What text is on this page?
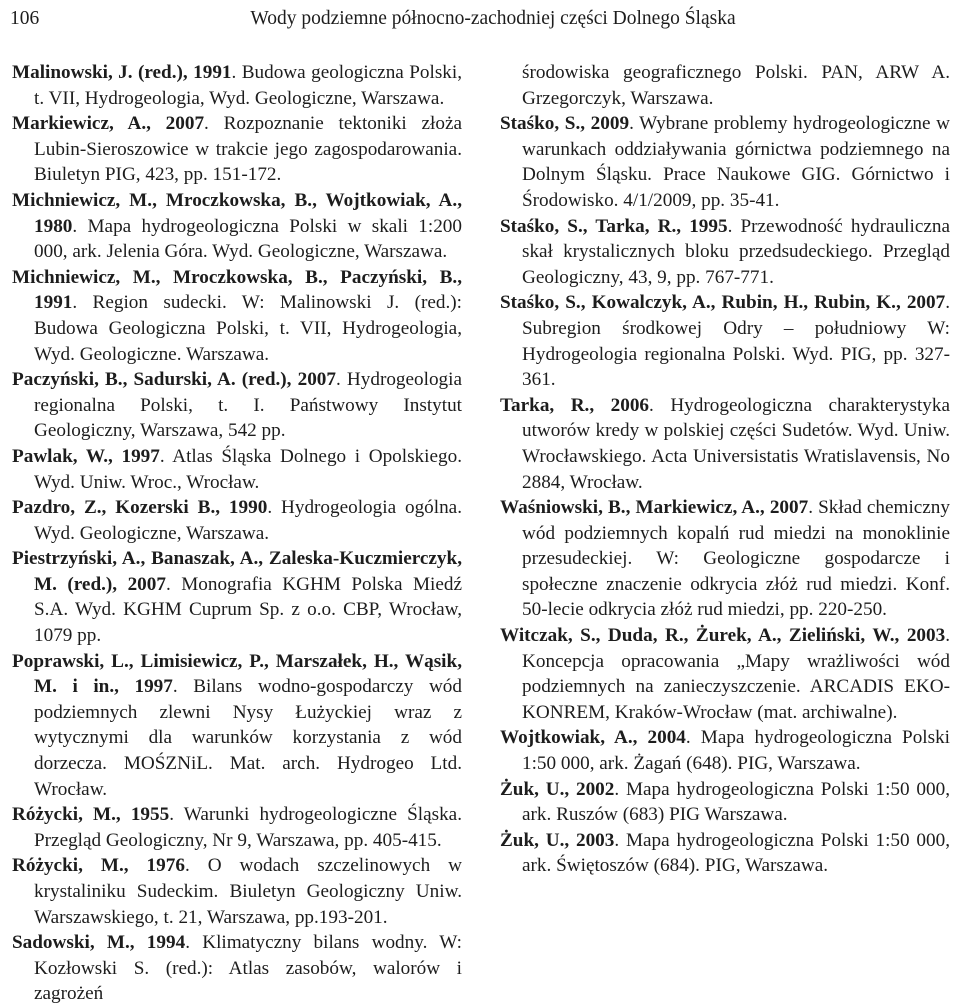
106	Wody podziemne północno-zachodniej części Dolnego Śląska

Malinowski, J. (red.), 1991. Budowa geologiczna Polski, t. VII, Hydrogeologia, Wyd. Geologiczne, Warszawa.

Markiewicz, A., 2007. Rozpoznanie tektoniki złoża Lubin-Sieroszowice w trakcie jego zagospodarowania. Biuletyn PIG, 423, pp. 151-172.

Michniewicz, M., Mroczkowska, B., Wojtkowiak, A., 1980. Mapa hydrogeologiczna Polski w skali 1:200 000, ark. Jelenia Góra. Wyd. Geologiczne, Warszawa.

Michniewicz, M., Mroczkowska, B., Paczyński, B., 1991. Region sudecki. W: Malinowski J. (red.): Budowa Geologiczna Polski, t. VII, Hydrogeologia, Wyd. Geologiczne. Warszawa.

Paczyński, B., Sadurski, A. (red.), 2007. Hydrogeologia regionalna Polski, t. I. Państwowy Instytut Geologiczny, Warszawa, 542 pp.

Pawlak, W., 1997. Atlas Śląska Dolnego i Opolskiego. Wyd. Uniw. Wroc., Wrocław.

Pazdro, Z., Kozerski B., 1990. Hydrogeologia ogólna. Wyd. Geologiczne, Warszawa.

Piestrzyński, A., Banaszak, A., Zaleska-Kuczmierczyk, M. (red.), 2007. Monografia KGHM Polska Miedź S.A. Wyd. KGHM Cuprum Sp. z o.o. CBP, Wrocław, 1079 pp.

Poprawski, L., Limisiewicz, P., Marszałek, H., Wąsik, M. i in., 1997. Bilans wodno-gospodarczy wód podziemnych zlewni Nysy Łużyckiej wraz z wytycznymi dla warunków korzystania z wód dorzecza. MOŚZNiL. Mat. arch. Hydrogeo Ltd. Wrocław.

Różycki, M., 1955. Warunki hydrogeologiczne Śląska. Przegląd Geologiczny, Nr 9, Warszawa, pp. 405-415.

Różycki, M., 1976. O wodach szczelinowych w krystaliniku Sudeckim. Biuletyn Geologiczny Uniw. Warszawskiego, t. 21, Warszawa, pp.193-201.

Sadowski, M., 1994. Klimatyczny bilans wodny. W: Kozłowski S. (red.): Atlas zasobów, walorów i zagrożeń

środowiska geograficznego Polski. PAN, ARW A. Grzegorczyk, Warszawa.

Staśko, S., 2009. Wybrane problemy hydrogeologiczne w warunkach oddziaływania górnictwa podziemnego na Dolnym Śląsku. Prace Naukowe GIG. Górnictwo i Środowisko. 4/1/2009, pp. 35-41.

Staśko, S., Tarka, R., 1995. Przewodność hydrauliczna skał krystalicznych bloku przedsudeckiego. Przegląd Geologiczny, 43, 9, pp. 767-771.

Staśko, S., Kowalczyk, A., Rubin, H., Rubin, K., 2007. Subregion środkowej Odry – południowy W: Hydrogeologia regionalna Polski. Wyd. PIG, pp. 327-361.

Tarka, R., 2006. Hydrogeologiczna charakterystyka utworów kredy w polskiej części Sudetów. Wyd. Uniw. Wrocławskiego. Acta Universistatis Wratislavensis, No 2884, Wrocław.

Waśniowski, B., Markiewicz, A., 2007. Skład chemiczny wód podziemnych kopalń rud miedzi na monoklinie przesudeckiej. W: Geologiczne gospodarcze i społeczne znaczenie odkrycia złóż rud miedzi. Konf. 50-lecie odkrycia złóż rud miedzi, pp. 220-250.

Witczak, S., Duda, R., Żurek, A., Zieliński, W., 2003. Koncepcja opracowania „Mapy wrażliwości wód podziemnych na zanieczyszczenie. ARCADIS EKOKONREM, Kraków-Wrocław (mat. archiwalne).

Wojtkowiak, A., 2004. Mapa hydrogeologiczna Polski 1:50 000, ark. Żagań (648). PIG, Warszawa.

Żuk, U., 2002. Mapa hydrogeologiczna Polski 1:50 000, ark. Ruszów (683) PIG Warszawa.

Żuk, U., 2003. Mapa hydrogeologiczna Polski 1:50 000, ark. Świętoszów (684). PIG, Warszawa.
